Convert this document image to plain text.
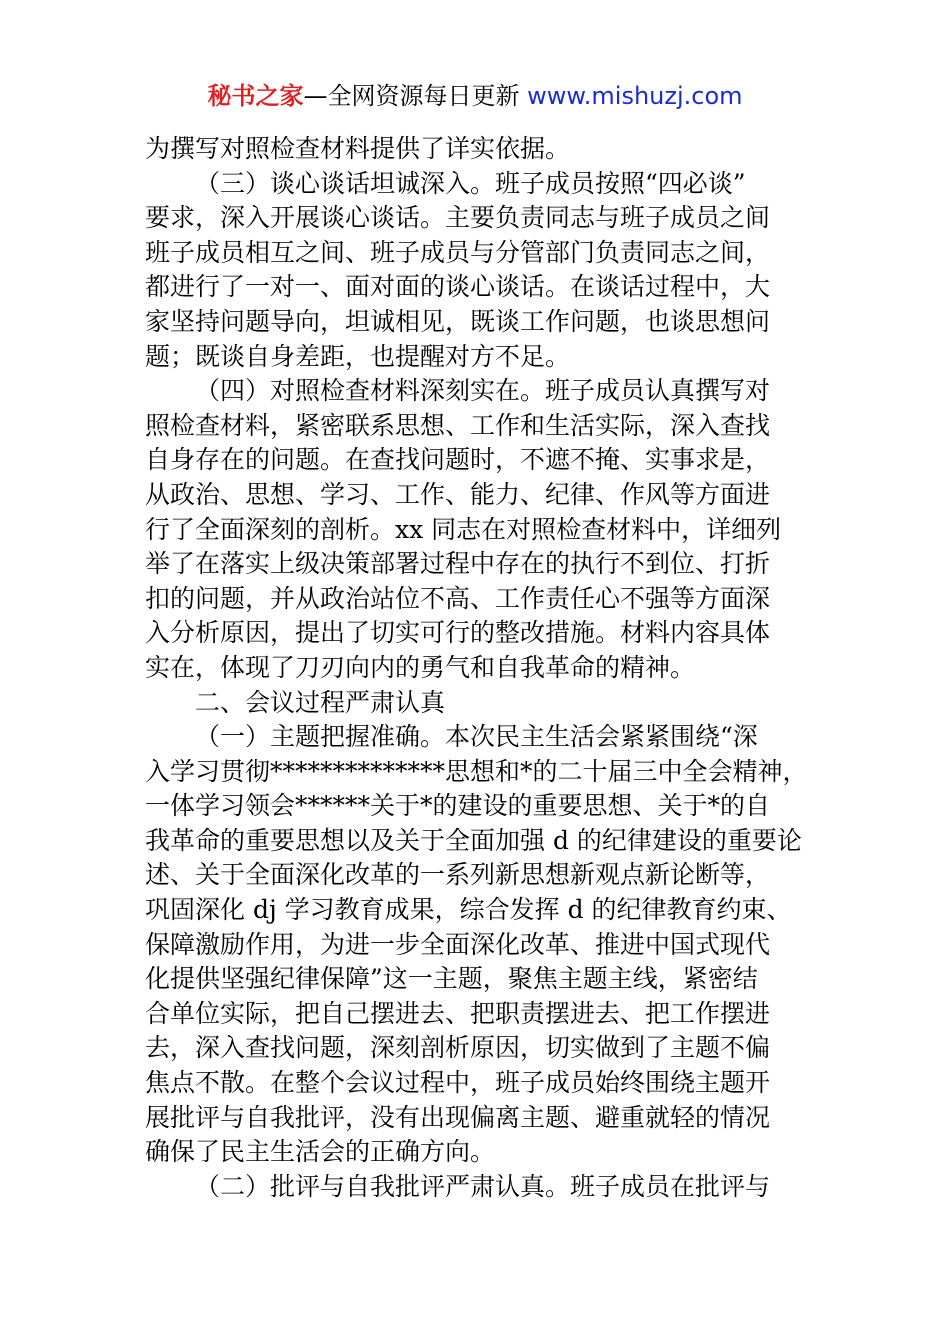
秘书之家—全网资源每日更新 www.mishuzj.com
为撰写对照检查材料提供了详实依据。
（三）谈心谈话坦诚深入。班子成员按照“四必谈”
要求，深入开展谈心谈话。主要负责同志与班子成员之间
班子成员相互之间、班子成员与分管部门负责同志之间，
都进行了一对一、面对面的谈心谈话。在谈话过程中，大
家坚持问题导向，坦诚相见，既谈工作问题，也谈思想问
题；既谈自身差距，也提醒对方不足。
（四）对照检查材料深刻实在。班子成员认真撰写对
照检查材料，紧密联系思想、工作和生活实际，深入查找
自身存在的问题。在查找问题时，不遮不掩、实事求是，
从政治、思想、学习、工作、能力、纪律、作风等方面进
行了全面深刻的剖析。xx 同志在对照检查材料中，详细列
举了在落实上级决策部署过程中存在的执行不到位、打折
扣的问题，并从政治站位不高、工作责任心不强等方面深
入分析原因，提出了切实可行的整改措施。材料内容具体
实在，体现了刀刃向内的勇气和自我革命的精神。
二、会议过程严肃认真
（一）主题把握准确。本次民主生活会紧紧围绕“深
入学习贯彻**************思想和*的二十届三中全会精神，
一体学习领会******关于*的建设的重要思想、关于*的自
我革命的重要思想以及关于全面加强 d 的纪律建设的重要论
述、关于全面深化改革的一系列新思想新观点新论断等，
巩固深化 dj 学习教育成果，综合发挥 d 的纪律教育约束、
保障激励作用，为进一步全面深化改革、推进中国式现代
化提供坚强纪律保障”这一主题，聚焦主题主线，紧密结
合单位实际，把自己摆进去、把职责摆进去、把工作摆进
去，深入查找问题，深刻剖析原因，切实做到了主题不偏
焦点不散。在整个会议过程中，班子成员始终围绕主题开
展批评与自我批评，没有出现偏离主题、避重就轻的情况
确保了民主生活会的正确方向。
（二）批评与自我批评严肃认真。班子成员在批评与
